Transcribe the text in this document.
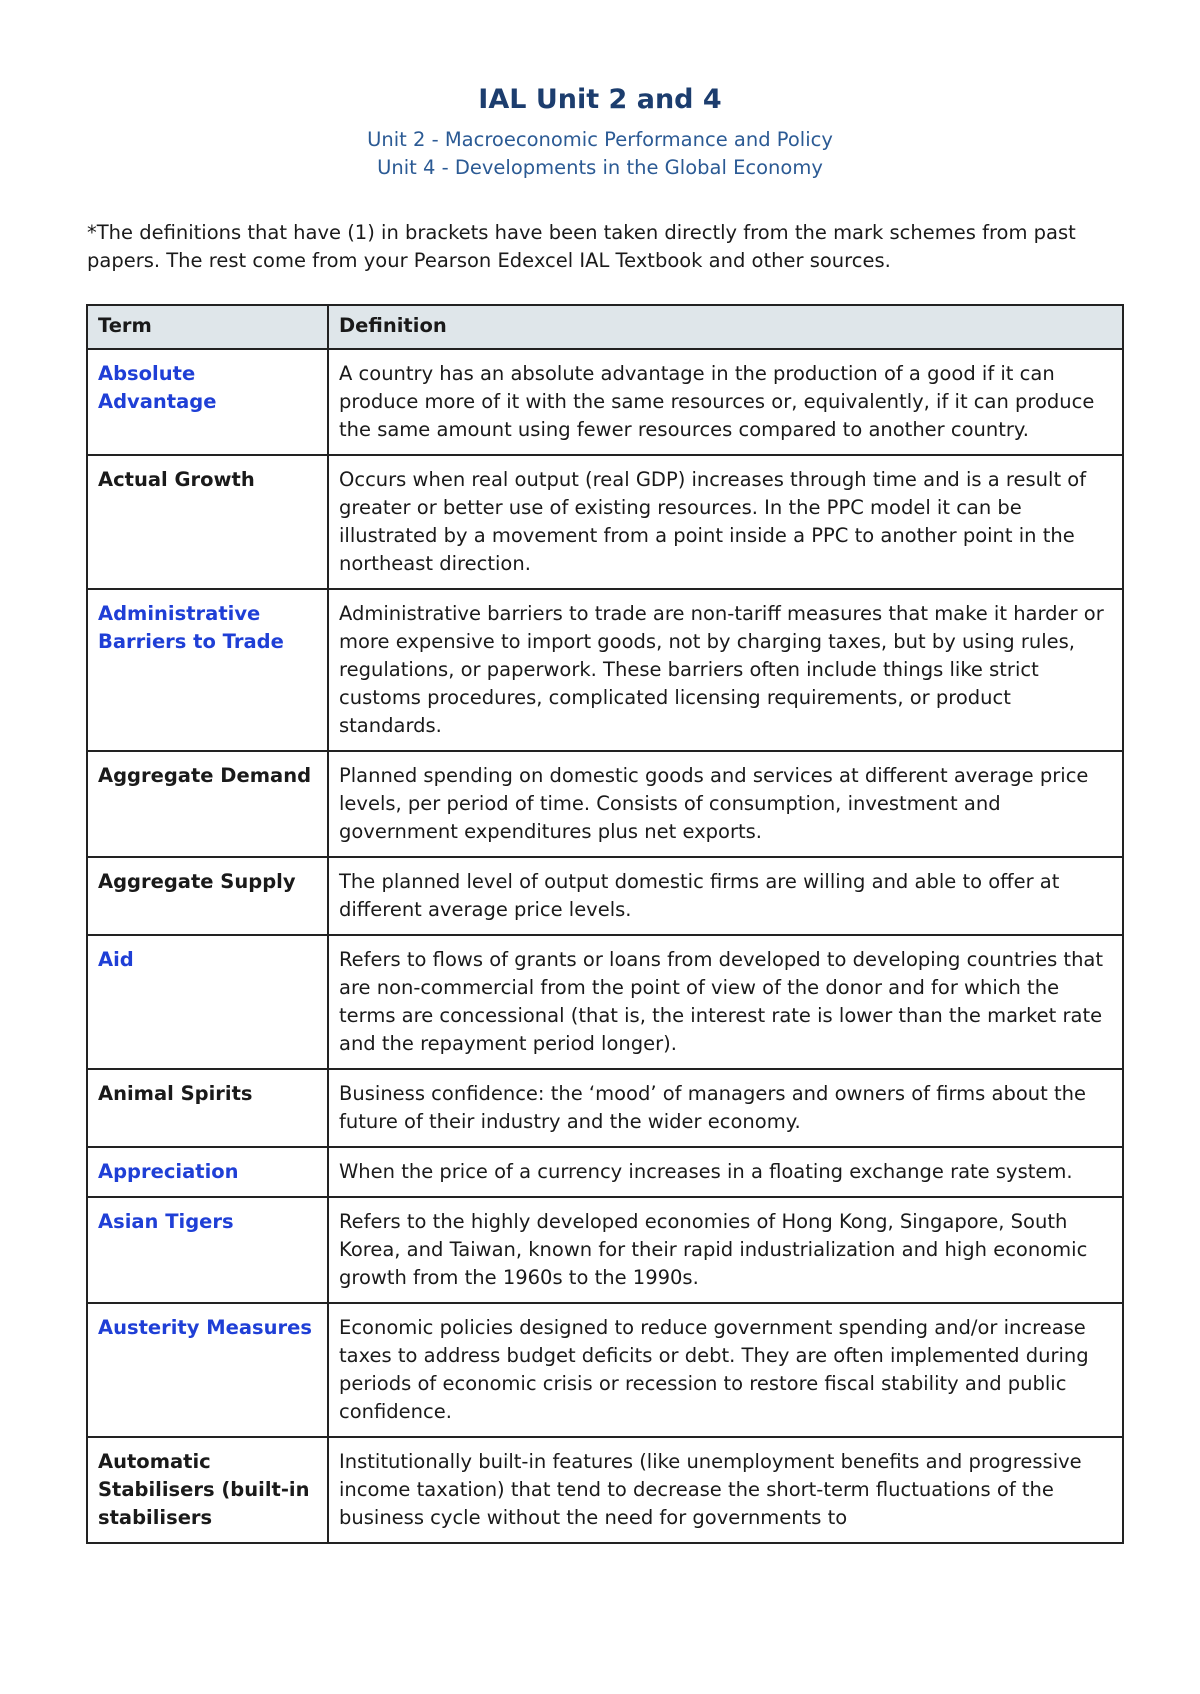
IAL Unit 2 and 4
Unit 2 - Macroeconomic Performance and Policy
Unit 4 - Developments in the Global Economy
*The definitions that have (1) in brackets have been taken directly from the mark schemes from past papers. The rest come from your Pearson Edexcel IAL Textbook and other sources.
Term	Definition
Absolute Advantage	A country has an absolute advantage in the production of a good if it can produce more of it with the same resources or, equivalently, if it can produce the same amount using fewer resources compared to another country.
Actual Growth	Occurs when real output (real GDP) increases through time and is a result of greater or better use of existing resources. In the PPC model it can be illustrated by a movement from a point inside a PPC to another point in the northeast direction.
Administrative Barriers to Trade	Administrative barriers to trade are non-tariff measures that make it harder or more expensive to import goods, not by charging taxes, but by using rules, regulations, or paperwork. These barriers often include things like strict customs procedures, complicated licensing requirements, or product standards.
Aggregate Demand	Planned spending on domestic goods and services at different average price levels, per period of time. Consists of consumption, investment and government expenditures plus net exports.
Aggregate Supply	The planned level of output domestic firms are willing and able to offer at different average price levels.
Aid	Refers to flows of grants or loans from developed to developing countries that are non-commercial from the point of view of the donor and for which the terms are concessional (that is, the interest rate is lower than the market rate and the repayment period longer).
Animal Spirits	Business confidence: the ‘mood’ of managers and owners of firms about the future of their industry and the wider economy.
Appreciation	When the price of a currency increases in a floating exchange rate system.
Asian Tigers	Refers to the highly developed economies of Hong Kong, Singapore, South Korea, and Taiwan, known for their rapid industrialization and high economic growth from the 1960s to the 1990s.
Austerity Measures	Economic policies designed to reduce government spending and/or increase taxes to address budget deficits or debt. They are often implemented during periods of economic crisis or recession to restore fiscal stability and public confidence.
Automatic Stabilisers (built-in stabilisers	Institutionally built-in features (like unemployment benefits and progressive income taxation) that tend to decrease the short-term fluctuations of the business cycle without the need for governments to
